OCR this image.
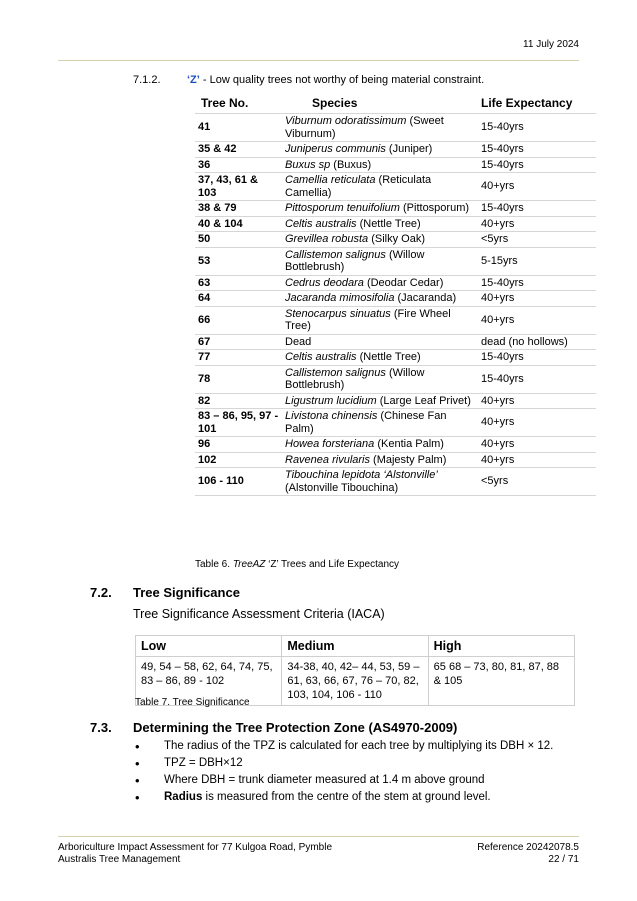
11 July 2024
7.1.2. ‘Z’ - Low quality trees not worthy of being material constraint.
Tree No.	Species	Life Expectancy
41	Viburnum odoratissimum (Sweet Viburnum)	15-40yrs
35 & 42	Juniperus communis (Juniper)	15-40yrs
36	Buxus sp (Buxus)	15-40yrs
37, 43, 61 & 103	Camellia reticulata (Reticulata Camellia)	40+yrs
38 & 79	Pittosporum tenuifolium (Pittosporum)	15-40yrs
40 & 104	Celtis australis (Nettle Tree)	40+yrs
50	Grevillea robusta (Silky Oak)	<5yrs
53	Callistemon salignus (Willow Bottlebrush)	5-15yrs
63	Cedrus deodara (Deodar Cedar)	15-40yrs
64	Jacaranda mimosifolia (Jacaranda)	40+yrs
66	Stenocarpus sinuatus (Fire Wheel Tree)	40+yrs
67	Dead	dead (no hollows)
77	Celtis australis (Nettle Tree)	15-40yrs
78	Callistemon salignus (Willow Bottlebrush)	15-40yrs
82	Ligustrum lucidium (Large Leaf Privet)	40+yrs
83 – 86, 95, 97 - 101	Livistona chinensis (Chinese Fan Palm)	40+yrs
96	Howea forsteriana (Kentia Palm)	40+yrs
102	Ravenea rivularis (Majesty Palm)	40+yrs
106 - 110	Tibouchina lepidota ‘Alstonville’ (Alstonville Tibouchina)	<5yrs
Table 6. TreeAZ ‘Z’ Trees and Life Expectancy
7.2. Tree Significance
Tree Significance Assessment Criteria (IACA)
Low	Medium	High
49, 54 – 58, 62, 64, 74, 75, 83 – 86, 89 - 102	34-38, 40, 42– 44, 53, 59 – 61, 63, 66, 67, 76 – 70, 82, 103, 104, 106 - 110	65 68 – 73, 80, 81, 87, 88 & 105
Table 7. Tree Significance
7.3. Determining the Tree Protection Zone (AS4970-2009)
• The radius of the TPZ is calculated for each tree by multiplying its DBH × 12.
• TPZ = DBH×12
• Where DBH = trunk diameter measured at 1.4 m above ground
• Radius is measured from the centre of the stem at ground level.
Arboriculture Impact Assessment for 77 Kulgoa Road, Pymble
Australis Tree Management
Reference 20242078.5
22 / 71
